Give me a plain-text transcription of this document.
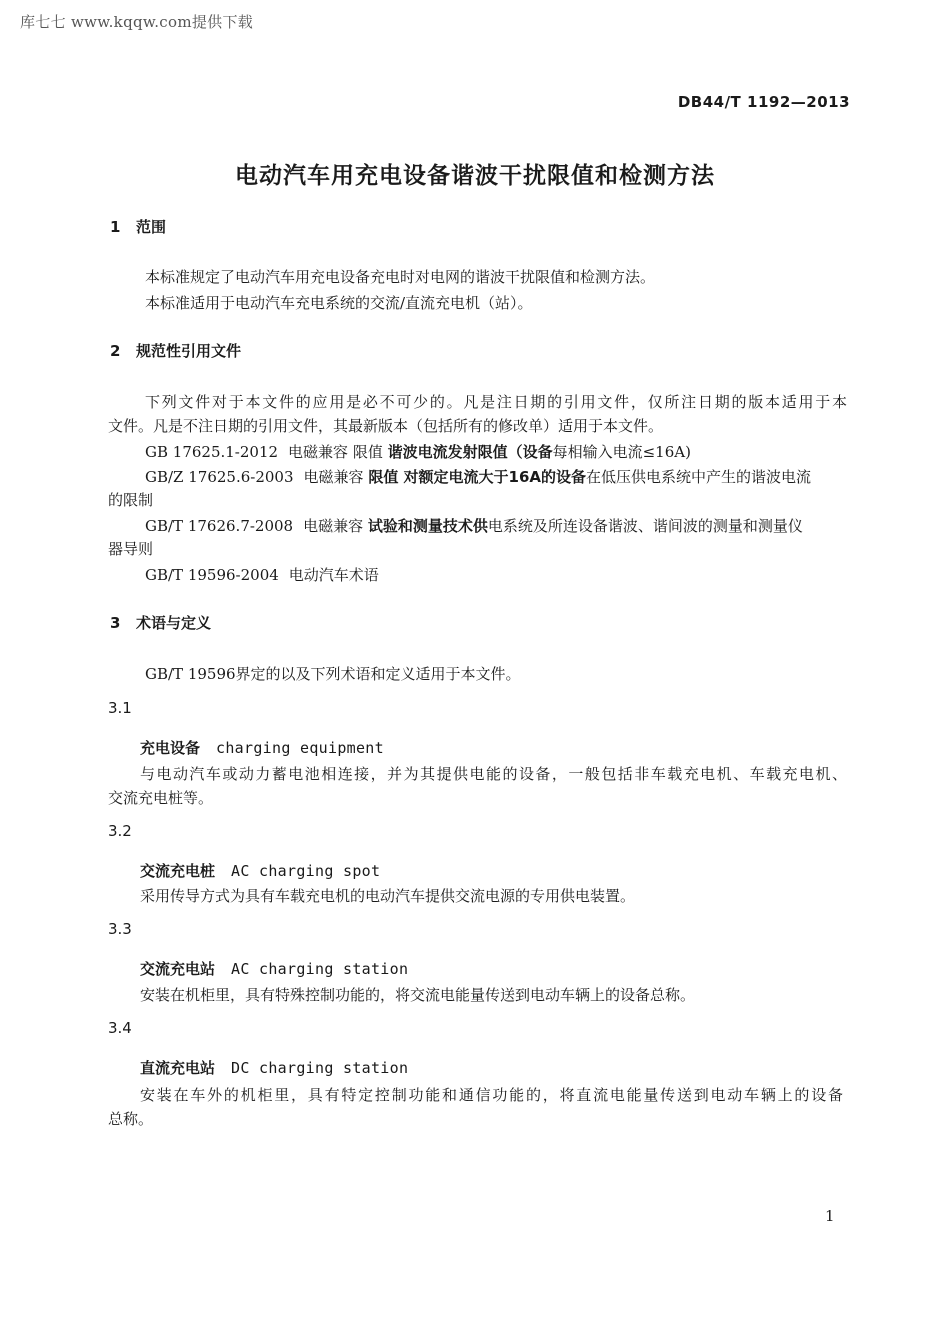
库七七 www.kqqw.com提供下载
DB44/T 1192—2013
电动汽车用充电设备谐波干扰限值和检测方法
1 范围
本标准规定了电动汽车用充电设备充电时对电网的谐波干扰限值和检测方法。
本标准适用于电动汽车充电系统的交流/直流充电机（站）。
2 规范性引用文件
下列文件对于本文件的应用是必不可少的。凡是注日期的引用文件，仅所注日期的版本适用于本
文件。凡是不注日期的引用文件，其最新版本（包括所有的修改单）适用于本文件。
GB 17625.1-2012 电磁兼容 限值 谐波电流发射限值（设备每相输入电流≤16A)
GB/Z 17625.6-2003 电磁兼容 限值 对额定电流大于16A的设备在低压供电系统中产生的谐波电流
的限制
GB/T 17626.7-2008 电磁兼容 试验和测量技术供电系统及所连设备谐波、谐间波的测量和测量仪
器导则
GB/T 19596-2004 电动汽车术语
3 术语与定义
GB/T 19596界定的以及下列术语和定义适用于本文件。
3.1
充电设备 charging equipment
与电动汽车或动力蓄电池相连接，并为其提供电能的设备，一般包括非车载充电机、车载充电机、
交流充电桩等。
3.2
交流充电桩 AC charging spot
采用传导方式为具有车载充电机的电动汽车提供交流电源的专用供电装置。
3.3
交流充电站 AC charging station
安装在机柜里，具有特殊控制功能的，将交流电能量传送到电动车辆上的设备总称。
3.4
直流充电站 DC charging station
安装在车外的机柜里，具有特定控制功能和通信功能的，将直流电能量传送到电动车辆上的设备
总称。
1
